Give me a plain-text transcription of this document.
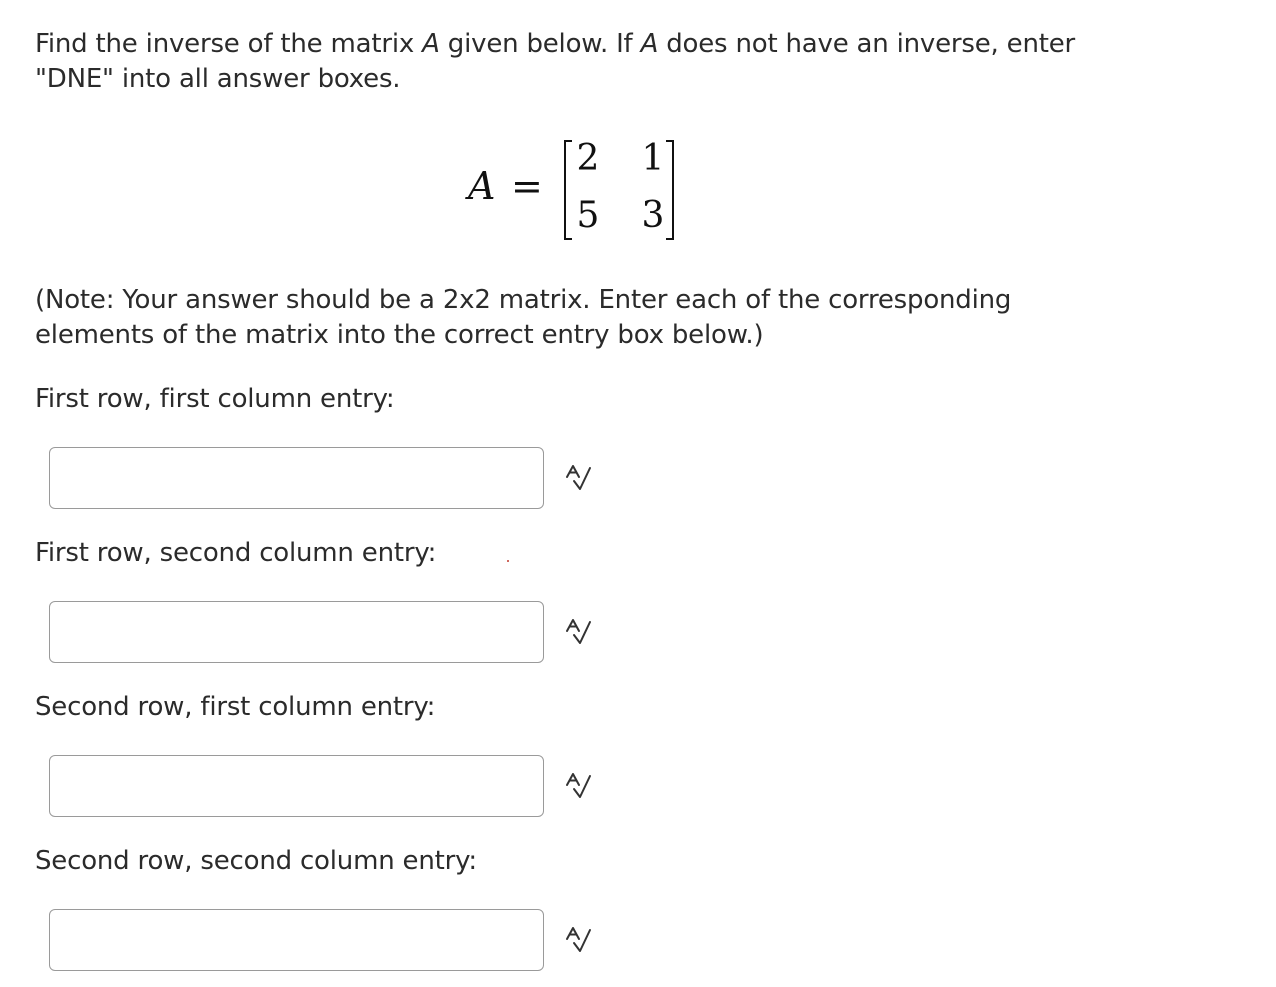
Find the inverse of the matrix A given below. If A does not have an inverse, enter "DNE" into all answer boxes.
A =
2 1
5 3
(Note: Your answer should be a 2x2 matrix. Enter each of the corresponding elements of the matrix into the correct entry box below.)
First row, first column entry:
First row, second column entry:
Second row, first column entry:
Second row, second column entry:
